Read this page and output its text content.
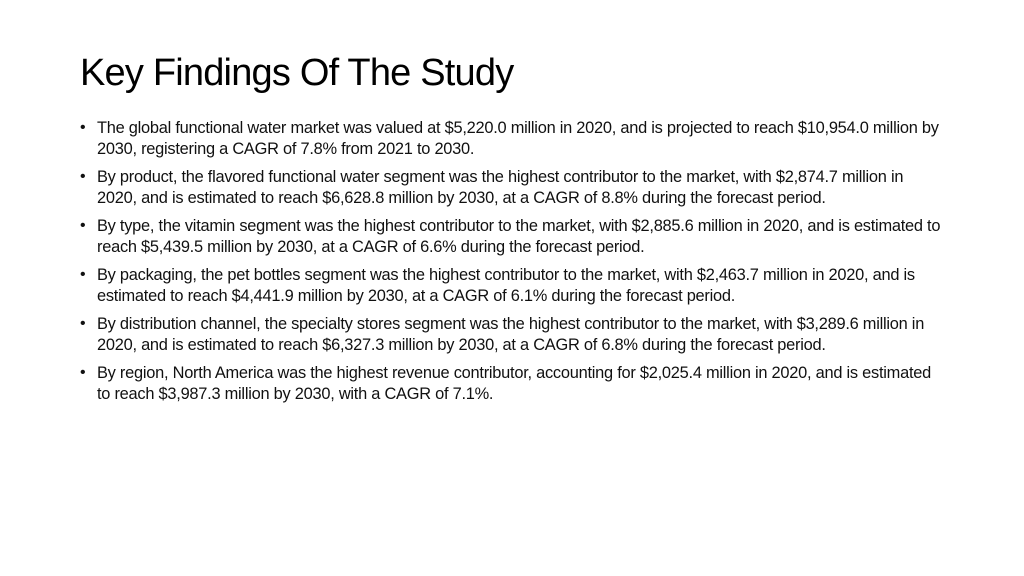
Key Findings Of The Study
• The global functional water market was valued at $5,220.0 million in 2020, and is projected to reach $10,954.0 million by 2030, registering a CAGR of 7.8% from 2021 to 2030.
• By product, the flavored functional water segment was the highest contributor to the market, with $2,874.7 million in 2020, and is estimated to reach $6,628.8 million by 2030, at a CAGR of 8.8% during the forecast period.
• By type, the vitamin segment was the highest contributor to the market, with $2,885.6 million in 2020, and is estimated to reach $5,439.5 million by 2030, at a CAGR of 6.6% during the forecast period.
• By packaging, the pet bottles segment was the highest contributor to the market, with $2,463.7 million in 2020, and is estimated to reach $4,441.9 million by 2030, at a CAGR of 6.1% during the forecast period.
• By distribution channel, the specialty stores segment was the highest contributor to the market, with $3,289.6 million in 2020, and is estimated to reach $6,327.3 million by 2030, at a CAGR of 6.8% during the forecast period.
• By region, North America was the highest revenue contributor, accounting for $2,025.4 million in 2020, and is estimated to reach $3,987.3 million by 2030, with a CAGR of 7.1%.
